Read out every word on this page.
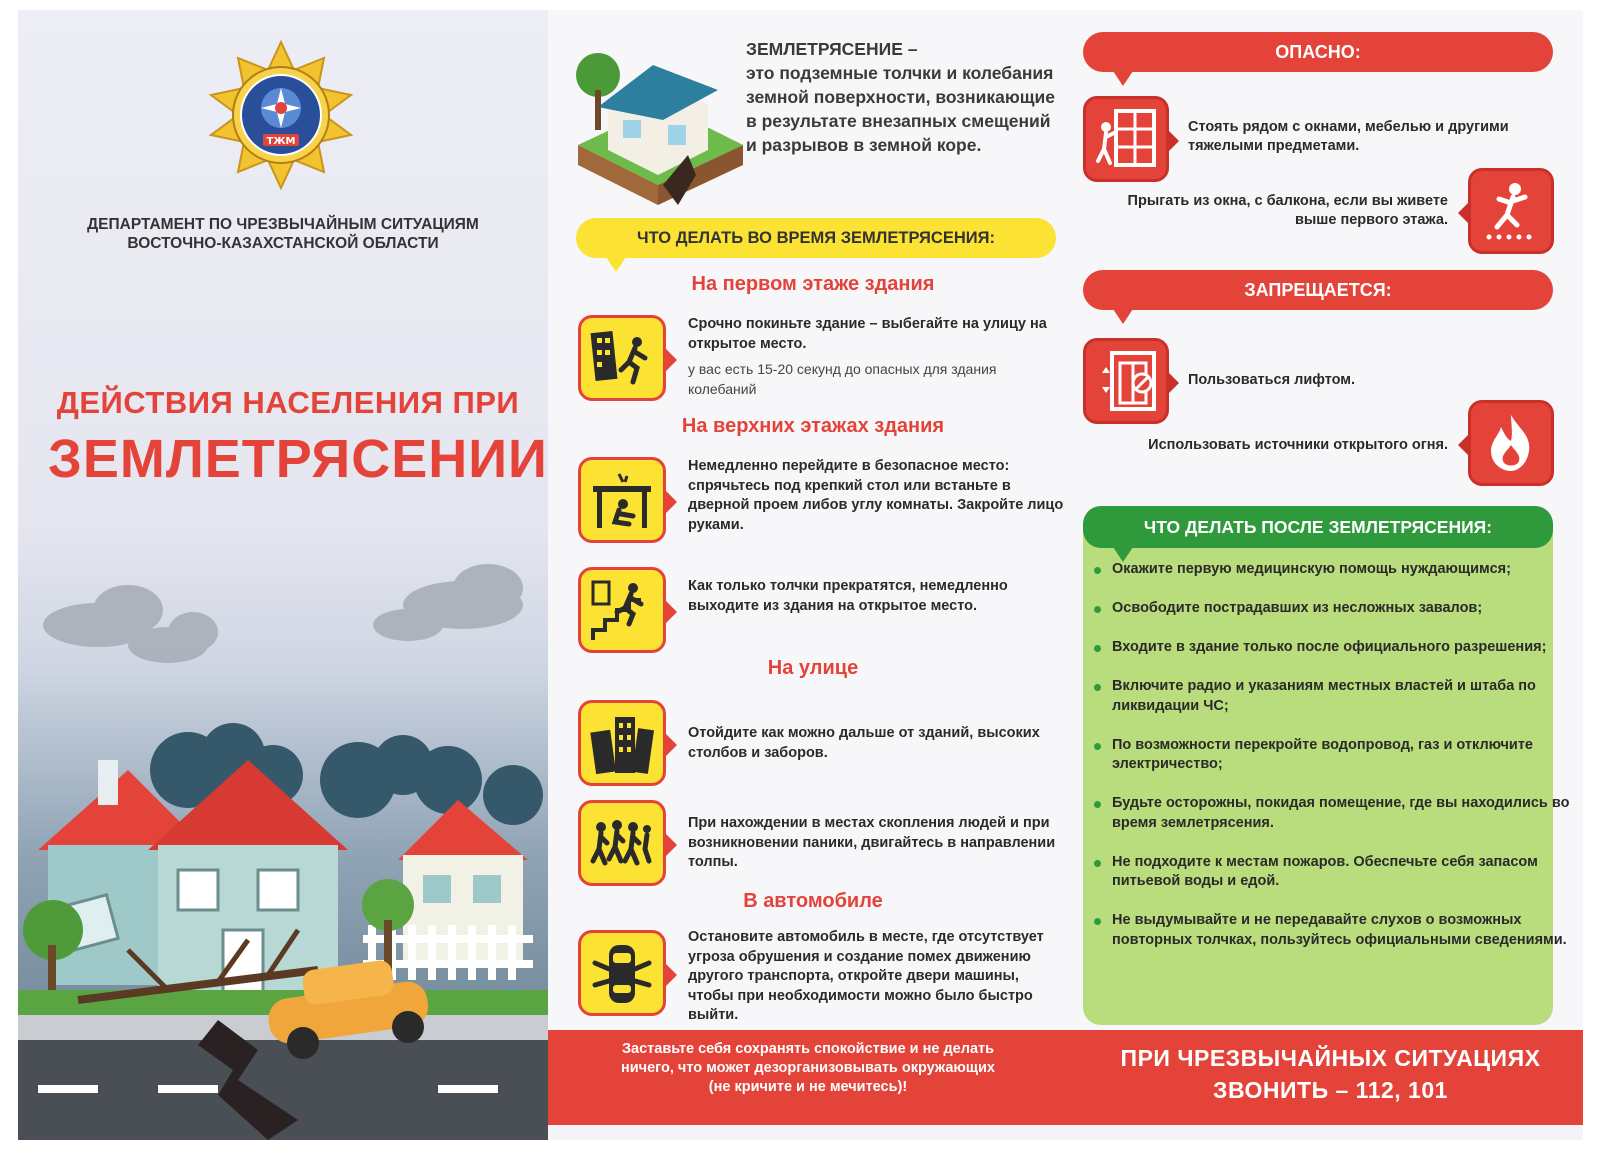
ТЖМ
ДЕПАРТАМЕНТ ПО ЧРЕЗВЫЧАЙНЫМ СИТУАЦИЯМ
ВОСТОЧНО-КАЗАХСТАНСКОЙ ОБЛАСТИ
ДЕЙСТВИЯ НАСЕЛЕНИЯ ПРИ
ЗЕМЛЕТРЯСЕНИИ
ЗЕМЛЕТРЯСЕНИЕ –
это подземные толчки и колебания земной поверхности, возникающие в результате внезапных смещений и разрывов в земной коре.
ЧТО ДЕЛАТЬ ВО ВРЕМЯ ЗЕМЛЕТРЯСЕНИЯ:
На первом этаже здания
Срочно покиньте здание – выбегайте на улицу на открытое место.
у вас есть 15-20 секунд до опасных для здания колебаний
На верхних этажах здания
Немедленно перейдите в безопасное место: спрячьтесь под крепкий стол или встаньте в дверной проем либов углу комнаты. Закройте лицо руками.
Как только толчки прекратятся, немедленно выходите из здания на открытое место.
На улице
Отойдите как можно дальше от зданий, высоких столбов и заборов.
При нахождении в местах скопления людей и при возникновении паники, двигайтесь в направлении толпы.
В автомобиле
Остановите автомобиль в месте, где отсутствует угроза обрушения и создание помех движению другого транспорта, откройте двери машины, чтобы при необходимости можно было быстро выйти.
ОПАСНО:
Стоять рядом с окнами, мебелью и другими тяжелыми предметами.
Прыгать из окна, с балкона, если вы живете выше первого этажа.
ЗАПРЕЩАЕТСЯ:
Пользоваться лифтом.
Использовать источники открытого огня.
ЧТО ДЕЛАТЬ ПОСЛЕ ЗЕМЛЕТРЯСЕНИЯ:
Окажите первую медицинскую помощь нуждающимся;
Освободите пострадавших из несложных завалов;
Входите в здание только после официального разрешения;
Включите радио и указаниям местных властей и штаба по ликвидации ЧС;
По возможности перекройте водопровод, газ и отключите электричество;
Будьте осторожны, покидая помещение, где вы находились во время землетрясения.
Не подходите к местам пожаров. Обеспечьте себя запасом питьевой воды и едой.
Не выдумывайте и не передавайте слухов о возможных повторных толчках, пользуйтесь официальными сведениями.
Заставьте себя сохранять спокойствие и не делать
ничего, что может дезорганизовывать окружающих
(не кричите и не мечитесь)!
ПРИ ЧРЕЗВЫЧАЙНЫХ СИТУАЦИЯХ
ЗВОНИТЬ – 112, 101
